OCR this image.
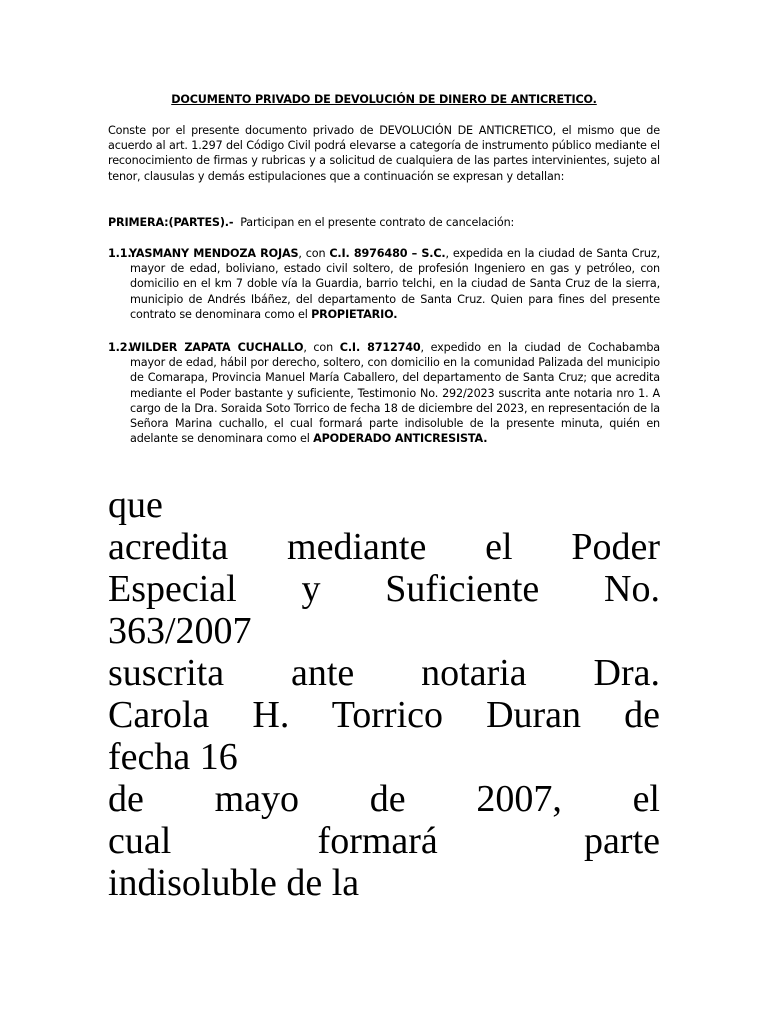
DOCUMENTO PRIVADO DE DEVOLUCIÓN DE DINERO DE ANTICRETICO.
Conste por el presente documento privado de DEVOLUCIÓN DE ANTICRETICO, el mismo que de acuerdo al art. 1.297 del Código Civil podrá elevarse a categoría de instrumento público mediante el reconocimiento de firmas y rubricas y a solicitud de cualquiera de las partes intervinientes, sujeto al tenor, clausulas y demás estipulaciones que a continuación se expresan y detallan:
PRIMERA:(PARTES).- Participan en el presente contrato de cancelación:
1.1.
YASMANY MENDOZA ROJAS, con C.I. 8976480 – S.C., expedida en la ciudad de Santa Cruz, mayor de edad, boliviano, estado civil soltero, de profesión Ingeniero en gas y petróleo, con domicilio en el km 7 doble vía la Guardia, barrio telchi, en la ciudad de Santa Cruz de la sierra, municipio de Andrés Ibáñez, del departamento de Santa Cruz. Quien para fines del presente contrato se denominara como el PROPIETARIO.
1.2.
WILDER ZAPATA CUCHALLO, con C.I. 8712740, expedido en la ciudad de Cochabamba mayor de edad, hábil por derecho, soltero, con domicilio en la comunidad Palizada del municipio de Comarapa, Provincia Manuel María Caballero, del departamento de Santa Cruz; que acredita mediante el Poder bastante y suficiente, Testimonio No. 292/2023 suscrita ante notaria nro 1. A cargo de la Dra. Soraida Soto Torrico de fecha 18 de diciembre del 2023, en representación de la Señora Marina cuchallo, el cual formará parte indisoluble de la presente minuta, quién en adelante se denominara como el APODERADO ANTICRESISTA.
que
acredita mediante el Poder
Especial y Suficiente No.
363/2007
suscrita ante notaria Dra.
Carola H. Torrico Duran de
fecha 16
de mayo de 2007, el
cual formará parte
indisoluble de la
